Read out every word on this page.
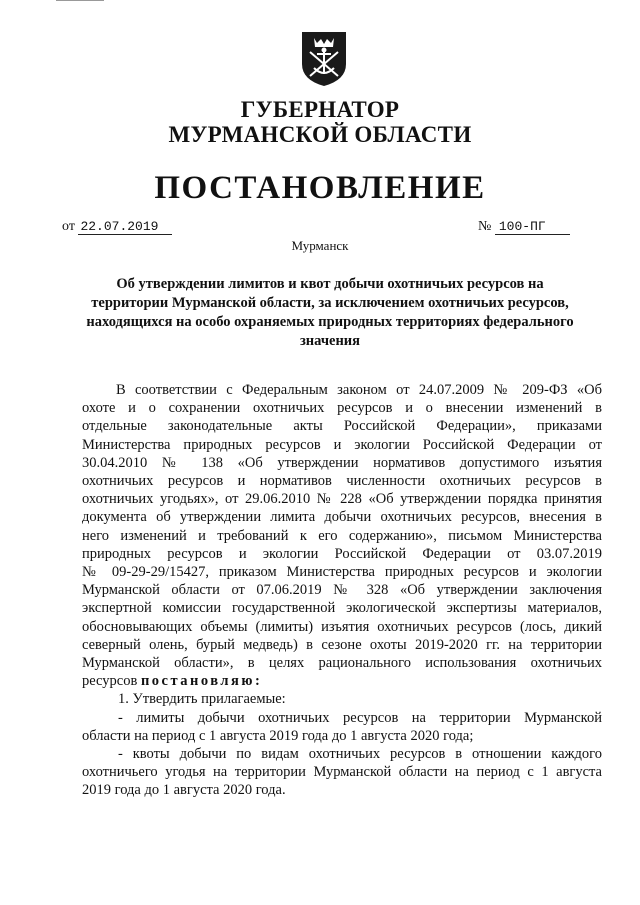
ГУБЕРНАТОР
МУРМАНСКОЙ ОБЛАСТИ
ПОСТАНОВЛЕНИЕ
от 22.07.2019	№ 100-ПГ
Мурманск
Об утверждении лимитов и квот добычи охотничьих ресурсов на
территории Мурманской области, за исключением охотничьих ресурсов,
находящихся на особо охраняемых природных территориях федерального
значения
В соответствии с Федеральным законом от 24.07.2009 № 209-ФЗ «Об
охоте и о сохранении охотничьих ресурсов и о внесении изменений в
отдельные законодательные акты Российской Федерации», приказами
Министерства природных ресурсов и экологии Российской Федерации от
30.04.2010 № 138 «Об утверждении нормативов допустимого изъятия
охотничьих ресурсов и нормативов численности охотничьих ресурсов в
охотничьих угодьях», от 29.06.2010 № 228 «Об утверждении порядка принятия
документа об утверждении лимита добычи охотничьих ресурсов, внесения в
него изменений и требований к его содержанию», письмом Министерства
природных ресурсов и экологии Российской Федерации от 03.07.2019
№ 09-29-29/15427, приказом Министерства природных ресурсов и экологии
Мурманской области от 07.06.2019 № 328 «Об утверждении заключения
экспертной комиссии государственной экологической экспертизы материалов,
обосновывающих объемы (лимиты) изъятия охотничьих ресурсов (лось, дикий
северный олень, бурый медведь) в сезоне охоты 2019-2020 гг. на территории
Мурманской области», в целях рационального использования охотничьих
ресурсов постановляю:
1. Утвердить прилагаемые:
- лимиты добычи охотничьих ресурсов на территории Мурманской
области на период с 1 августа 2019 года до 1 августа 2020 года;
- квоты добычи по видам охотничьих ресурсов в отношении каждого
охотничьего угодья на территории Мурманской области на период с 1 августа
2019 года до 1 августа 2020 года.
